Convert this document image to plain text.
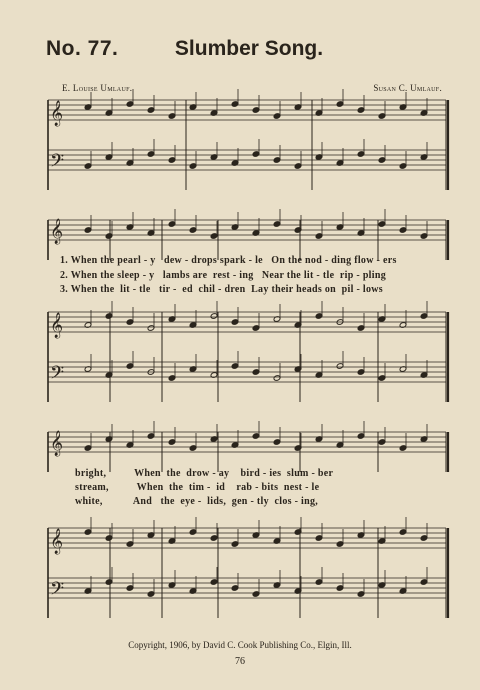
No. 77.	Slumber Song.
E. Louise Umlauf.	Susan C. Umlauf.
𝄞
𝄢
𝄞
𝄞
𝄢
𝄞
𝄞
𝄢
1. When the pearl - y   dew - drops spark - le   On the nod - ding flow - ers
2. When the sleep - y   lambs are  rest - ing   Near the lit - tle  rip - pling
3. When the  lit - tle   tir -  ed  chil - dren  Lay their heads on  pil - lows
bright,          When  the  drow - ay    bird - ies  slum - ber
stream,          When  the  tim -  id    rab - bits  nest - le
white,           And   the  eye -  lids,  gen - tly  clos - ing,
Copyright, 1906, by David C. Cook Publishing Co., Elgin, Ill.
76
